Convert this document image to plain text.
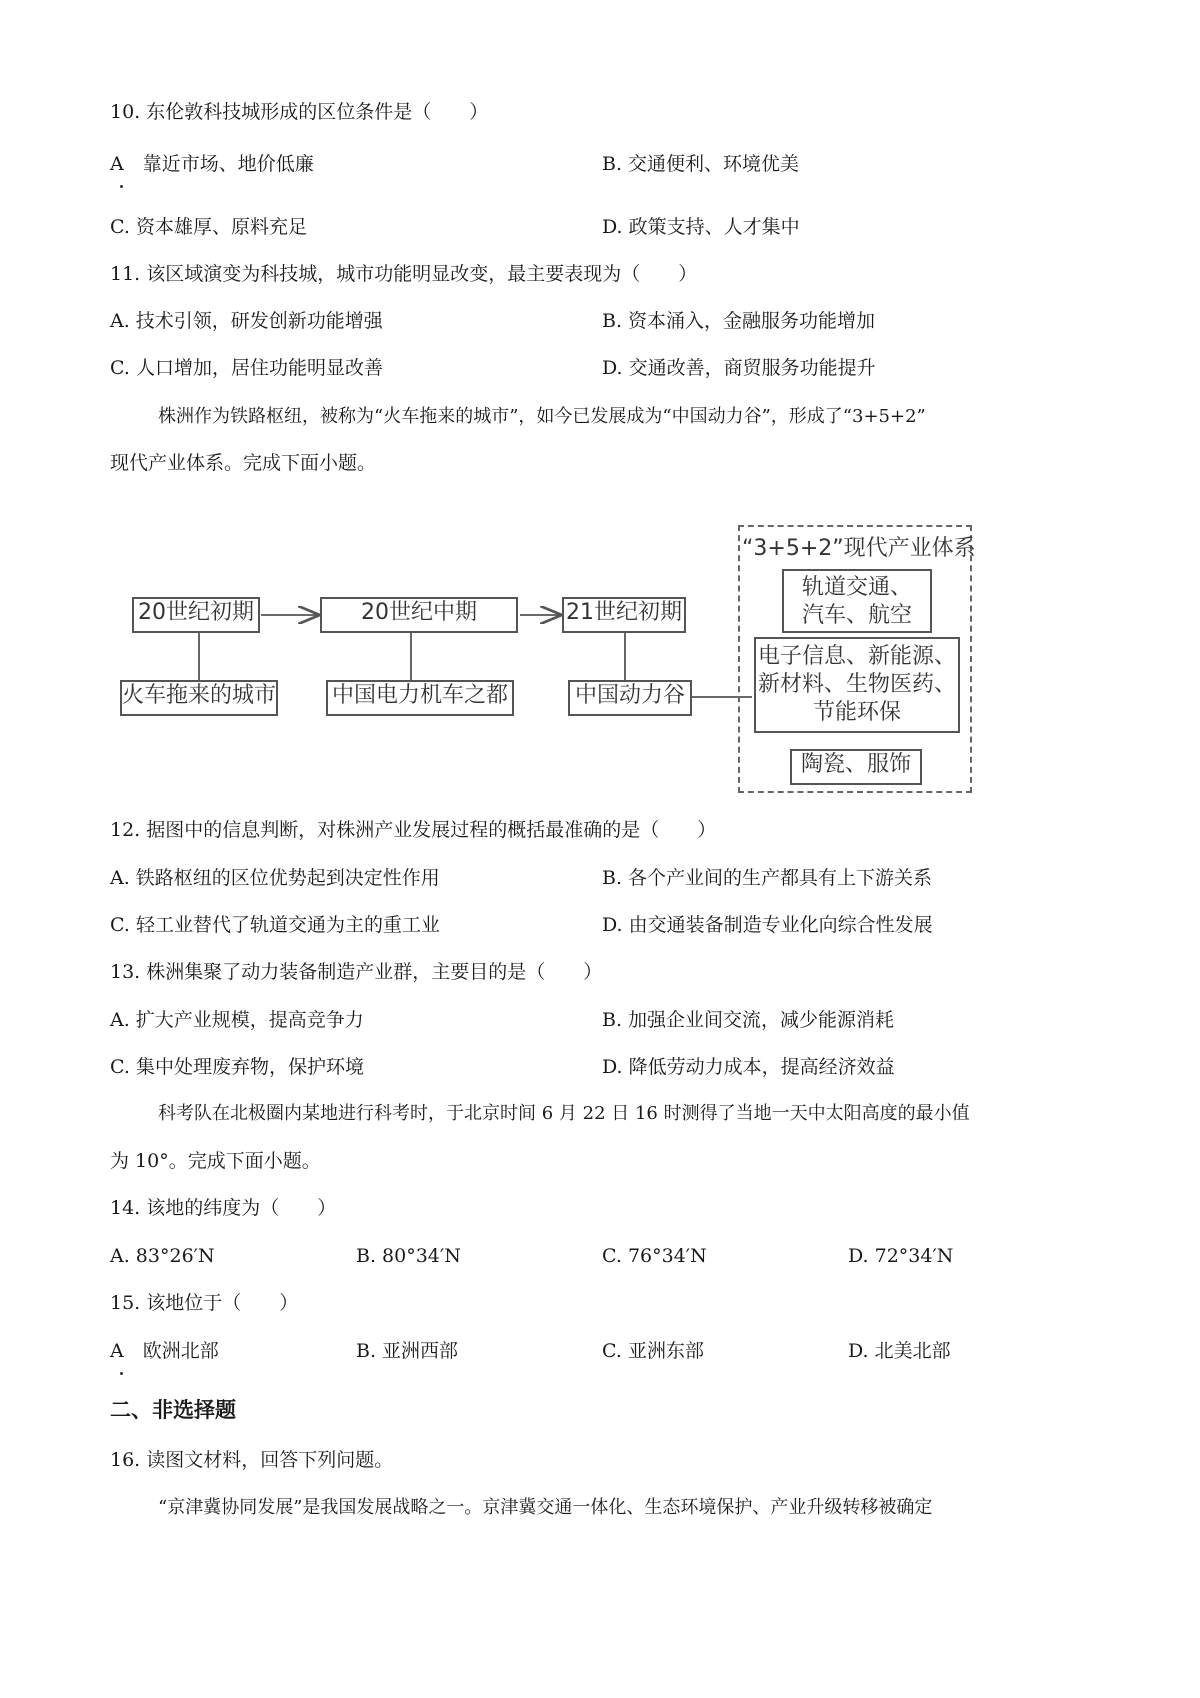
10. 东伦敦科技城形成的区位条件是（　　）
A　靠近市场、地价低廉	B. 交通便利、环境优美
C. 资本雄厚、原料充足	D. 政策支持、人才集中
11. 该区域演变为科技城，城市功能明显改变，最主要表现为（　　）
A. 技术引领，研发创新功能增强	B. 资本涌入，金融服务功能增加
C. 人口增加，居住功能明显改善	D. 交通改善，商贸服务功能提升
株洲作为铁路枢纽，被称为“火车拖来的城市”，如今已发展成为“中国动力谷”，形成了“3+5+2”
现代产业体系。完成下面小题。
20世纪初期	20世纪中期	21世纪初期
火车拖来的城市	中国电力机车之都	中国动力谷
“3+5+2”现代产业体系
轨道交通、
汽车、航空
电子信息、新能源、
新材料、生物医药、
节能环保
陶瓷、服饰
12. 据图中的信息判断，对株洲产业发展过程的概括最准确的是（　　）
A. 铁路枢纽的区位优势起到决定性作用	B. 各个产业间的生产都具有上下游关系
C. 轻工业替代了轨道交通为主的重工业	D. 由交通装备制造专业化向综合性发展
13. 株洲集聚了动力装备制造产业群，主要目的是（　　）
A. 扩大产业规模，提高竞争力	B. 加强企业间交流，减少能源消耗
C. 集中处理废弃物，保护环境	D. 降低劳动力成本，提高经济效益
科考队在北极圈内某地进行科考时，于北京时间 6 月 22 日 16 时测得了当地一天中太阳高度的最小值
为 10°。完成下面小题。
14. 该地的纬度为（　　）
A. 83°26′N	B. 80°34′N	C. 76°34′N	D. 72°34′N
15. 该地位于（　　）
A　欧洲北部	B. 亚洲西部	C. 亚洲东部	D. 北美北部
二、非选择题
16. 读图文材料，回答下列问题。
“京津冀协同发展”是我国发展战略之一。京津冀交通一体化、生态环境保护、产业升级转移被确定
